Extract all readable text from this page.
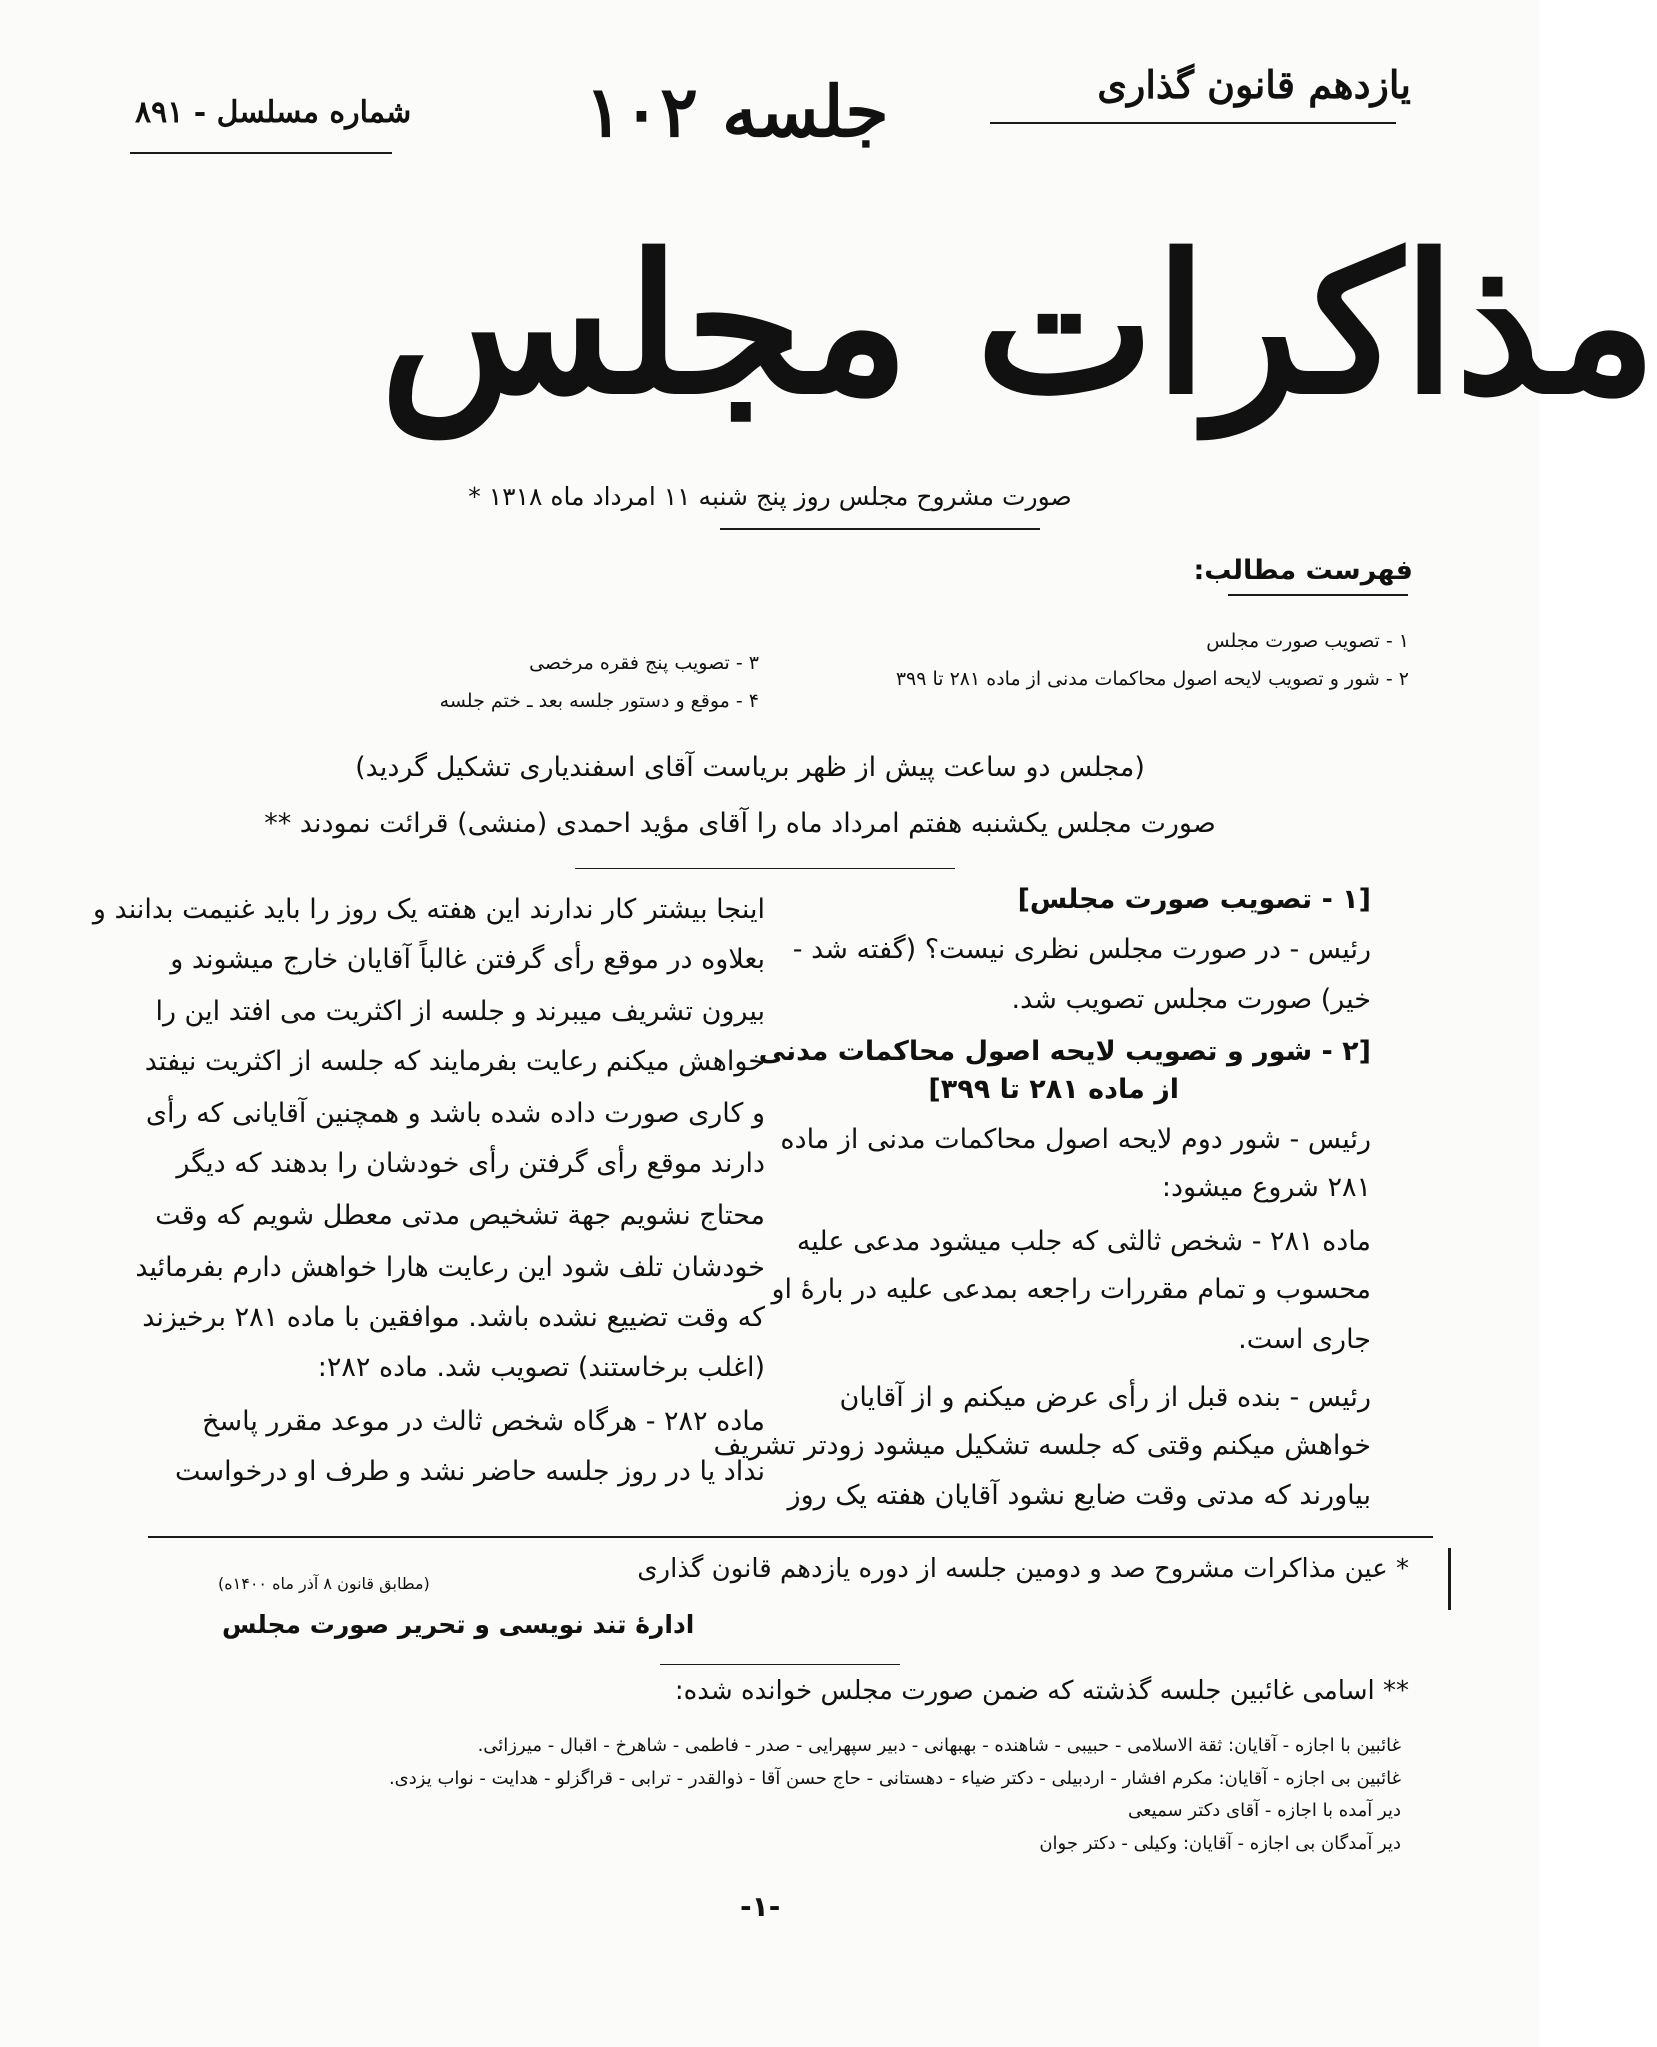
یازدهم قانون گذاری
جلسه ۱۰۲
شماره مسلسل - ۸۹۱
مذاکرات مجلس
صورت مشروح مجلس روز پنج شنبه ۱۱ امرداد ماه ۱۳۱۸ *
فهرست مطالب:
۱ - تصویب صورت مجلس
۲ - شور و تصویب لایحه اصول محاکمات مدنی از ماده ۲۸۱ تا ۳۹۹
۳ - تصویب پنج فقره مرخصی
۴ - موقع و دستور جلسه بعد ـ ختم جلسه
(مجلس دو ساعت پیش از ظهر بریاست آقای اسفندیاری تشکیل گردید)
صورت مجلس یکشنبه هفتم امرداد ماه را آقای مؤید احمدی (منشی) قرائت نمودند **
[۱ - تصویب صورت مجلس]
رئیس - در صورت مجلس نظری نیست؟ (گفته شد -
خیر) صورت مجلس تصویب شد.
[۲ - شور و تصویب لایحه اصول محاکمات مدنی
از ماده ۲۸۱ تا ۳۹۹]
رئیس - شور دوم لایحه اصول محاکمات مدنی از ماده
۲۸۱ شروع میشود:
ماده ۲۸۱ - شخص ثالثی که جلب میشود مدعی علیه
محسوب و تمام مقررات راجعه بمدعی علیه در بارهٔ او
جاری است.
رئیس - بنده قبل از رأی عرض میکنم و از آقایان
خواهش میکنم وقتی که جلسه تشکیل میشود زودتر تشریف
بیاورند که مدتی وقت ضایع نشود آقایان هفته یک روز
اینجا بیشتر کار ندارند این هفته یک روز را باید غنیمت بدانند و
بعلاوه در موقع رأی گرفتن غالباً آقایان خارج میشوند و
بیرون تشریف میبرند و جلسه از اکثریت می افتد این را
خواهش میکنم رعایت بفرمایند که جلسه از اکثریت نیفتد
و کاری صورت داده شده باشد و همچنین آقایانی که رأی
دارند موقع رأی گرفتن رأی خودشان را بدهند که دیگر
محتاج نشویم جهة تشخیص مدتی معطل شویم که وقت
خودشان تلف شود این رعایت هارا خواهش دارم بفرمائید
که وقت تضییع نشده باشد. موافقین با ماده ۲۸۱ برخیزند
(اغلب برخاستند) تصویب شد. ماده ۲۸۲:
ماده ۲۸۲ - هرگاه شخص ثالث در موعد مقرر پاسخ
نداد یا در روز جلسه حاضر نشد و طرف او درخواست
* عین مذاکرات مشروح صد و دومین جلسه از دوره یازدهم قانون گذاری
(مطابق قانون ۸ آذر ماه ۱۴۰۰ه)
ادارهٔ تند نویسی و تحریر صورت مجلس
** اسامی غائبین جلسه گذشته که ضمن صورت مجلس خوانده شده:
غائبین با اجازه - آقایان: ثقة الاسلامی - حبیبی - شاهنده - بهبهانی - دبیر سپهرایی - صدر - فاطمی - شاهرخ - اقبال - میرزائی.
غائبین بی اجازه - آقایان: مکرم افشار - اردبیلی - دکتر ضیاء - دهستانی - حاج حسن آقا - ذوالقدر - ترابی - قراگزلو - هدایت - نواب یزدی.
دیر آمده با اجازه - آقای دکتر سمیعی
دیر آمدگان بی اجازه - آقایان: وکیلی - دکتر جوان
-۱-
